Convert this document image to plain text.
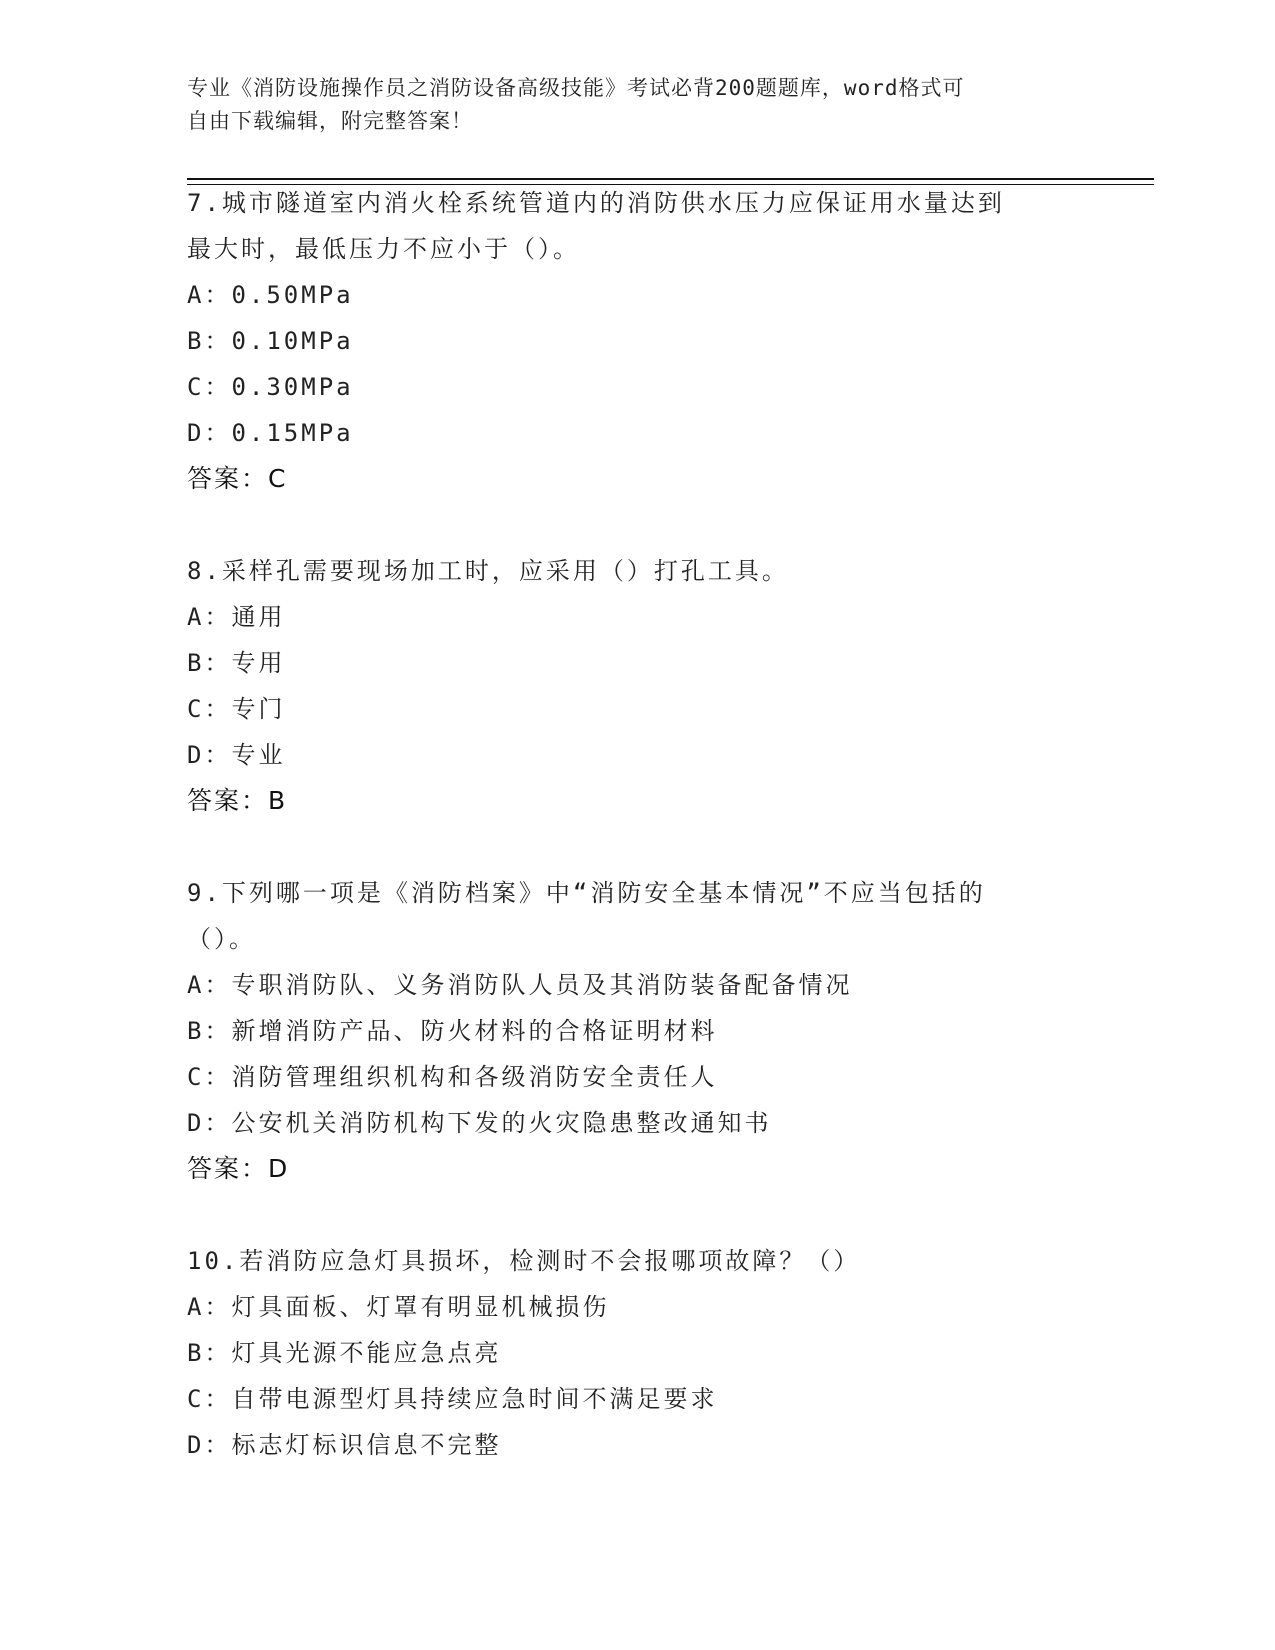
专业《消防设施操作员之消防设备高级技能》考试必背200题题库，word格式可

自由下载编辑，附完整答案！

7.城市隧道室内消火栓系统管道内的消防供水压力应保证用水量达到

最大时，最低压力不应小于（）。

A：0.50MPa

B：0.10MPa

C：0.30MPa

D：0.15MPa

答案：C

8.采样孔需要现场加工时，应采用（）打孔工具。

A：通用

B：专用

C：专门

D：专业

答案：B

9.下列哪一项是《消防档案》中“消防安全基本情况”不应当包括的

（）。

A：专职消防队、义务消防队人员及其消防装备配备情况

B：新增消防产品、防火材料的合格证明材料

C：消防管理组织机构和各级消防安全责任人

D：公安机关消防机构下发的火灾隐患整改通知书

答案：D

10.若消防应急灯具损坏，检测时不会报哪项故障？（）

A：灯具面板、灯罩有明显机械损伤

B：灯具光源不能应急点亮

C：自带电源型灯具持续应急时间不满足要求

D：标志灯标识信息不完整
